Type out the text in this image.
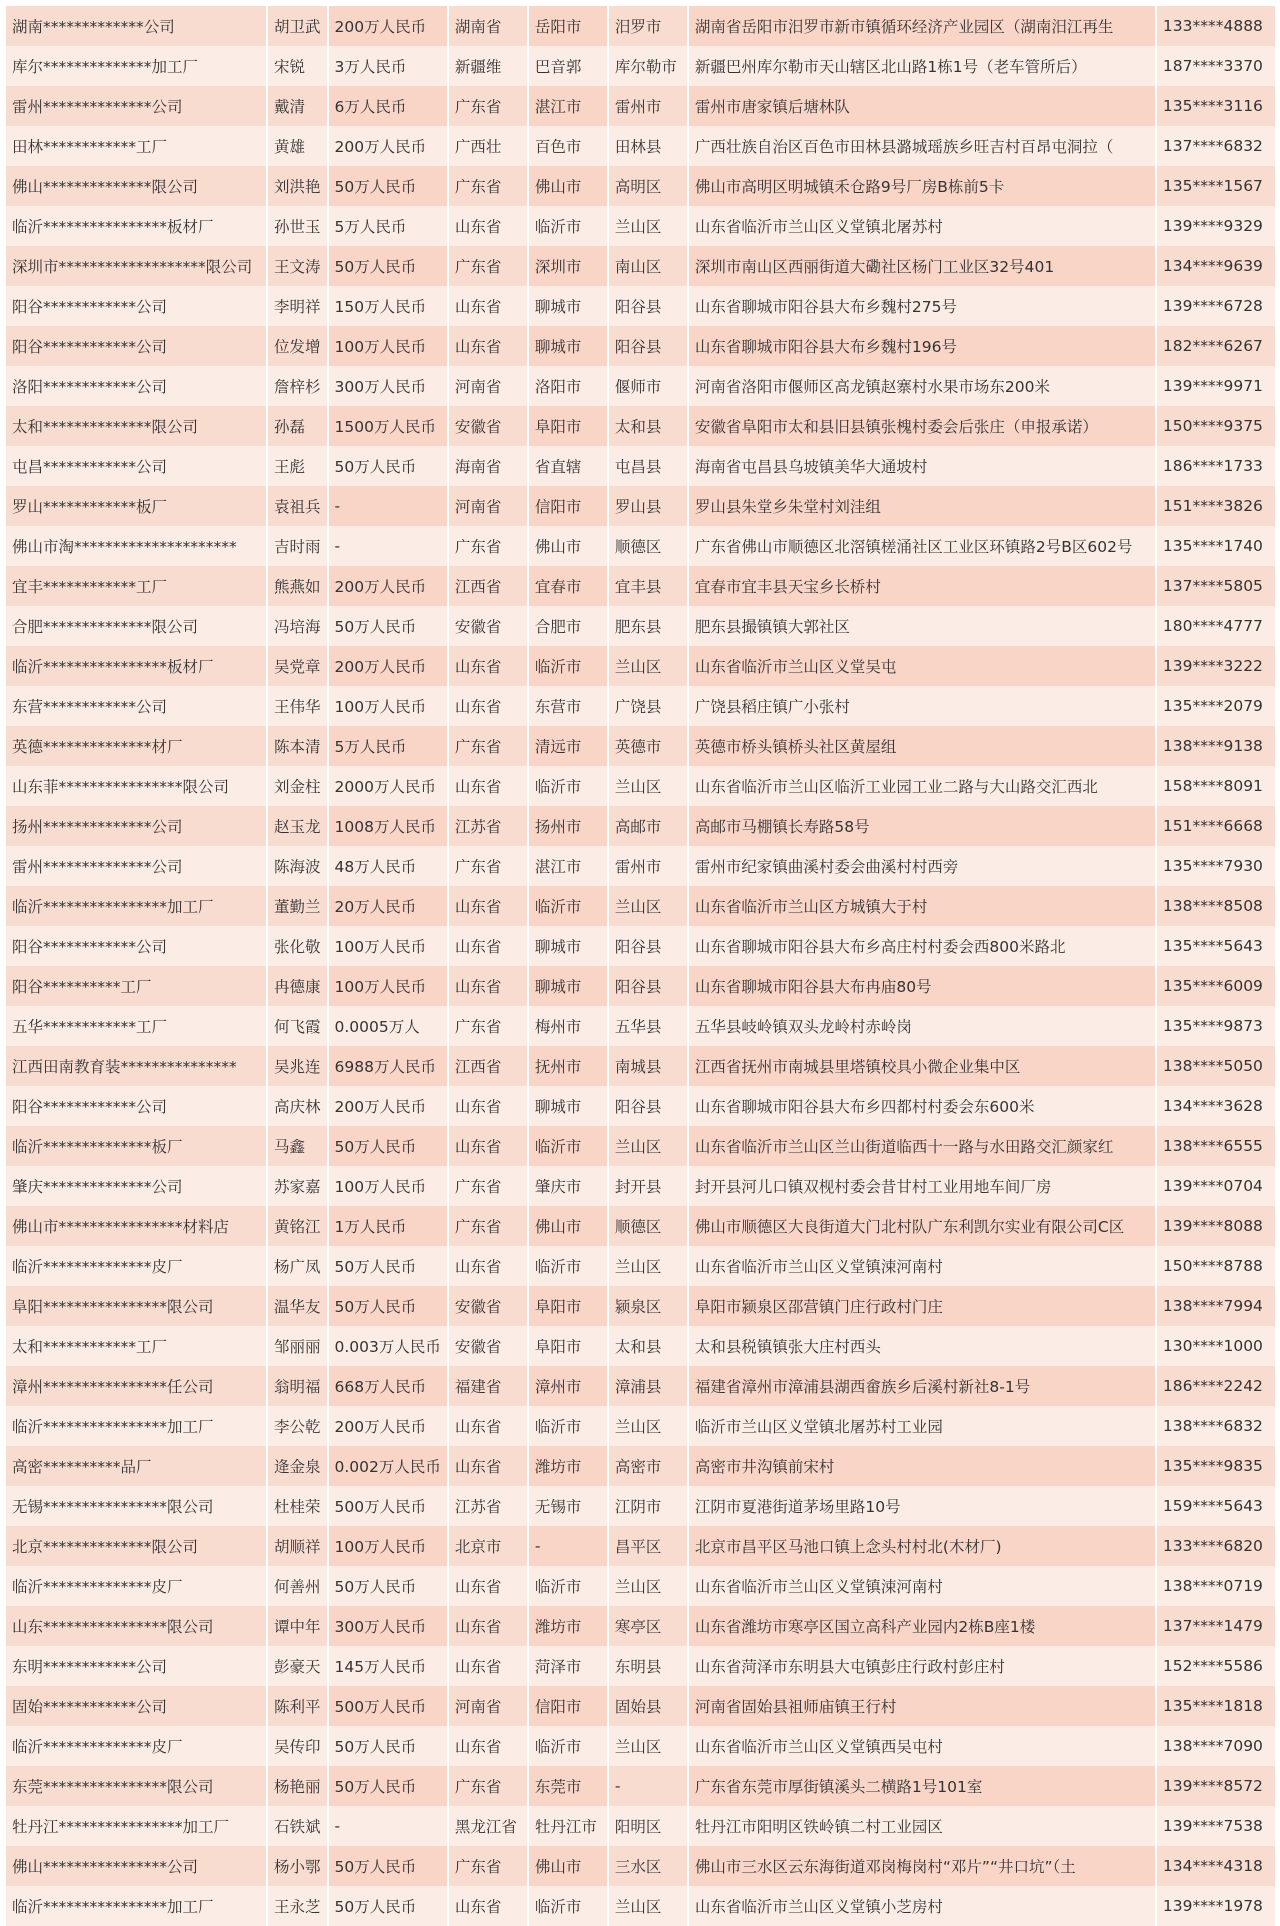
湖南*************公司	胡卫武	200万人民币	湖南省	岳阳市	汨罗市	湖南省岳阳市汨罗市新市镇循环经济产业园区（湖南汨江再生	133****4888
库尔**************加工厂	宋锐	3万人民币	新疆维	巴音郭	库尔勒市	新疆巴州库尔勒市天山辖区北山路1栋1号（老车管所后）	187****3370
雷州**************公司	戴清	6万人民币	广东省	湛江市	雷州市	雷州市唐家镇后塘林队	135****3116
田林************工厂	黄雄	200万人民币	广西壮	百色市	田林县	广西壮族自治区百色市田林县潞城瑶族乡旺吉村百昂屯洞拉（	137****6832
佛山**************限公司	刘洪艳	50万人民币	广东省	佛山市	高明区	佛山市高明区明城镇禾仓路9号厂房B栋前5卡	135****1567
临沂****************板材厂	孙世玉	5万人民币	山东省	临沂市	兰山区	山东省临沂市兰山区义堂镇北屠苏村	139****9329
深圳市*******************限公司	王文涛	50万人民币	广东省	深圳市	南山区	深圳市南山区西丽街道大磡社区杨门工业区32号401	134****9639
阳谷************公司	李明祥	150万人民币	山东省	聊城市	阳谷县	山东省聊城市阳谷县大布乡魏村275号	139****6728
阳谷************公司	位发增	100万人民币	山东省	聊城市	阳谷县	山东省聊城市阳谷县大布乡魏村196号	182****6267
洛阳************公司	詹梓杉	300万人民币	河南省	洛阳市	偃师市	河南省洛阳市偃师区高龙镇赵寨村水果市场东200米	139****9971
太和**************限公司	孙磊	1500万人民币	安徽省	阜阳市	太和县	安徽省阜阳市太和县旧县镇张槐村委会后张庄（申报承诺）	150****9375
屯昌************公司	王彪	50万人民币	海南省	省直辖	屯昌县	海南省屯昌县乌坡镇美华大通坡村	186****1733
罗山************板厂	袁祖兵	-	河南省	信阳市	罗山县	罗山县朱堂乡朱堂村刘洼组	151****3826
佛山市淘*********************	吉时雨	-	广东省	佛山市	顺德区	广东省佛山市顺德区北滘镇槎涌社区工业区环镇路2号B区602号	135****1740
宜丰************工厂	熊燕如	200万人民币	江西省	宜春市	宜丰县	宜春市宜丰县天宝乡长桥村	137****5805
合肥**************限公司	冯培海	50万人民币	安徽省	合肥市	肥东县	肥东县撮镇镇大郭社区	180****4777
临沂****************板材厂	吴党章	200万人民币	山东省	临沂市	兰山区	山东省临沂市兰山区义堂吴屯	139****3222
东营************公司	王伟华	100万人民币	山东省	东营市	广饶县	广饶县稻庄镇广小张村	135****2079
英德**************材厂	陈本清	5万人民币	广东省	清远市	英德市	英德市桥头镇桥头社区黄屋组	138****9138
山东菲****************限公司	刘金柱	2000万人民币	山东省	临沂市	兰山区	山东省临沂市兰山区临沂工业园工业二路与大山路交汇西北	158****8091
扬州**************公司	赵玉龙	1008万人民币	江苏省	扬州市	高邮市	高邮市马棚镇长寿路58号	151****6668
雷州**************公司	陈海波	48万人民币	广东省	湛江市	雷州市	雷州市纪家镇曲溪村委会曲溪村村西旁	135****7930
临沂****************加工厂	董勤兰	20万人民币	山东省	临沂市	兰山区	山东省临沂市兰山区方城镇大于村	138****8508
阳谷************公司	张化敬	100万人民币	山东省	聊城市	阳谷县	山东省聊城市阳谷县大布乡高庄村村委会西800米路北	135****5643
阳谷**********工厂	冉德康	100万人民币	山东省	聊城市	阳谷县	山东省聊城市阳谷县大布冉庙80号	135****6009
五华************工厂	何飞霞	0.0005万人	广东省	梅州市	五华县	五华县岐岭镇双头龙岭村赤岭岗	135****9873
江西田南教育装***************	吴兆连	6988万人民币	江西省	抚州市	南城县	江西省抚州市南城县里塔镇校具小微企业集中区	138****5050
阳谷************公司	高庆林	200万人民币	山东省	聊城市	阳谷县	山东省聊城市阳谷县大布乡四都村村委会东600米	134****3628
临沂**************板厂	马鑫	50万人民币	山东省	临沂市	兰山区	山东省临沂市兰山区兰山街道临西十一路与水田路交汇颜家红	138****6555
肇庆**************公司	苏家嘉	100万人民币	广东省	肇庆市	封开县	封开县河儿口镇双枧村委会昔甘村工业用地车间厂房	139****0704
佛山市****************材料店	黄铭江	1万人民币	广东省	佛山市	顺德区	佛山市顺德区大良街道大门北村队广东利凯尔实业有限公司C区	139****8088
临沂**************皮厂	杨广凤	50万人民币	山东省	临沂市	兰山区	山东省临沂市兰山区义堂镇涑河南村	150****8788
阜阳****************限公司	温华友	50万人民币	安徽省	阜阳市	颍泉区	阜阳市颍泉区邵营镇门庄行政村门庄	138****7994
太和************工厂	邹丽丽	0.003万人民币	安徽省	阜阳市	太和县	太和县税镇镇张大庄村西头	130****1000
漳州****************任公司	翁明福	668万人民币	福建省	漳州市	漳浦县	福建省漳州市漳浦县湖西畲族乡后溪村新社8-1号	186****2242
临沂****************加工厂	李公乾	200万人民币	山东省	临沂市	兰山区	临沂市兰山区义堂镇北屠苏村工业园	138****6832
高密**********品厂	逄金泉	0.002万人民币	山东省	潍坊市	高密市	高密市井沟镇前宋村	135****9835
无锡****************限公司	杜桂荣	500万人民币	江苏省	无锡市	江阴市	江阴市夏港街道茅场里路10号	159****5643
北京**************限公司	胡顺祥	100万人民币	北京市	-	昌平区	北京市昌平区马池口镇上念头村村北(木材厂)	133****6820
临沂**************皮厂	何善州	50万人民币	山东省	临沂市	兰山区	山东省临沂市兰山区义堂镇涑河南村	138****0719
山东****************限公司	谭中年	300万人民币	山东省	潍坊市	寒亭区	山东省潍坊市寒亭区国立高科产业园内2栋B座1楼	137****1479
东明************公司	彭豪天	145万人民币	山东省	菏泽市	东明县	山东省菏泽市东明县大屯镇彭庄行政村彭庄村	152****5586
固始************公司	陈利平	500万人民币	河南省	信阳市	固始县	河南省固始县祖师庙镇王行村	135****1818
临沂**************皮厂	吴传印	50万人民币	山东省	临沂市	兰山区	山东省临沂市兰山区义堂镇西吴屯村	138****7090
东莞****************限公司	杨艳丽	50万人民币	广东省	东莞市	-	广东省东莞市厚街镇溪头二横路1号101室	139****8572
牡丹江****************加工厂	石铁斌	-	黑龙江省	牡丹江市	阳明区	牡丹江市阳明区铁岭镇二村工业园区	139****7538
佛山****************公司	杨小鄂	50万人民币	广东省	佛山市	三水区	佛山市三水区云东海街道邓岗梅岗村“邓片”“井口坑”（土	134****4318
临沂****************加工厂	王永芝	50万人民币	山东省	临沂市	兰山区	山东省临沂市兰山区义堂镇小芝房村	139****1978
